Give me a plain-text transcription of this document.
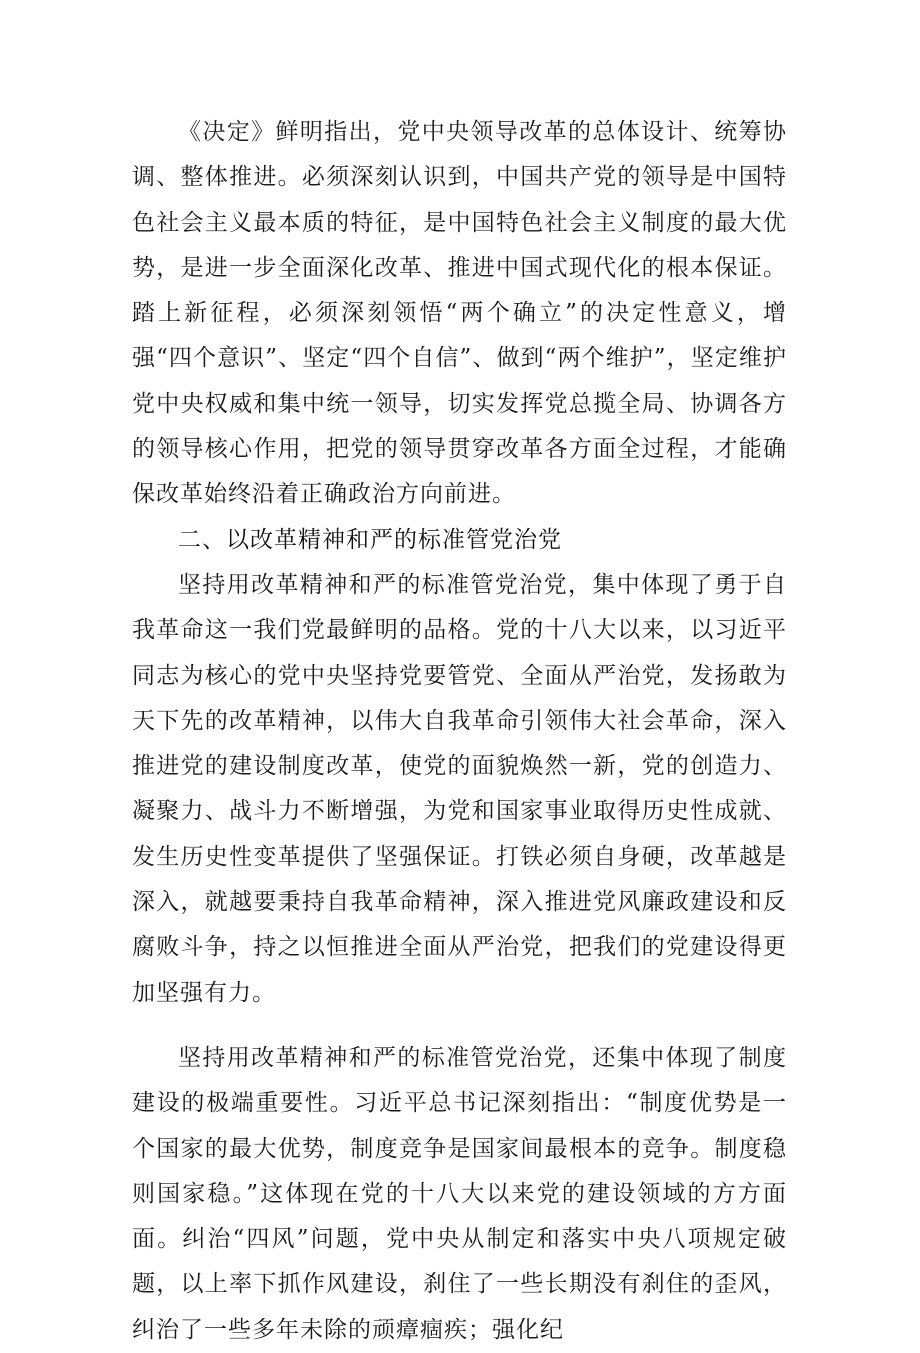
《决定》鲜明指出，党中央领导改革的总体设计、统筹协调、整体推进。必须深刻认识到，中国共产党的领导是中国特色社会主义最本质的特征，是中国特色社会主义制度的最大优势，是进一步全面深化改革、推进中国式现代化的根本保证。踏上新征程，必须深刻领悟“两个确立”的决定性意义，增强“四个意识”、坚定“四个自信”、做到“两个维护”，坚定维护党中央权威和集中统一领导，切实发挥党总揽全局、协调各方的领导核心作用，把党的领导贯穿改革各方面全过程，才能确保改革始终沿着正确政治方向前进。

二、以改革精神和严的标准管党治党

坚持用改革精神和严的标准管党治党，集中体现了勇于自我革命这一我们党最鲜明的品格。党的十八大以来，以习近平同志为核心的党中央坚持党要管党、全面从严治党，发扬敢为天下先的改革精神，以伟大自我革命引领伟大社会革命，深入推进党的建设制度改革，使党的面貌焕然一新，党的创造力、凝聚力、战斗力不断增强，为党和国家事业取得历史性成就、发生历史性变革提供了坚强保证。打铁必须自身硬，改革越是深入，就越要秉持自我革命精神，深入推进党风廉政建设和反腐败斗争，持之以恒推进全面从严治党，把我们的党建设得更加坚强有力。

坚持用改革精神和严的标准管党治党，还集中体现了制度建设的极端重要性。习近平总书记深刻指出：“制度优势是一个国家的最大优势，制度竞争是国家间最根本的竞争。制度稳则国家稳。”这体现在党的十八大以来党的建设领域的方方面面。纠治“四风”问题，党中央从制定和落实中央八项规定破题，以上率下抓作风建设，刹住了一些长期没有刹住的歪风，纠治了一些多年未除的顽瘴痼疾；强化纪
